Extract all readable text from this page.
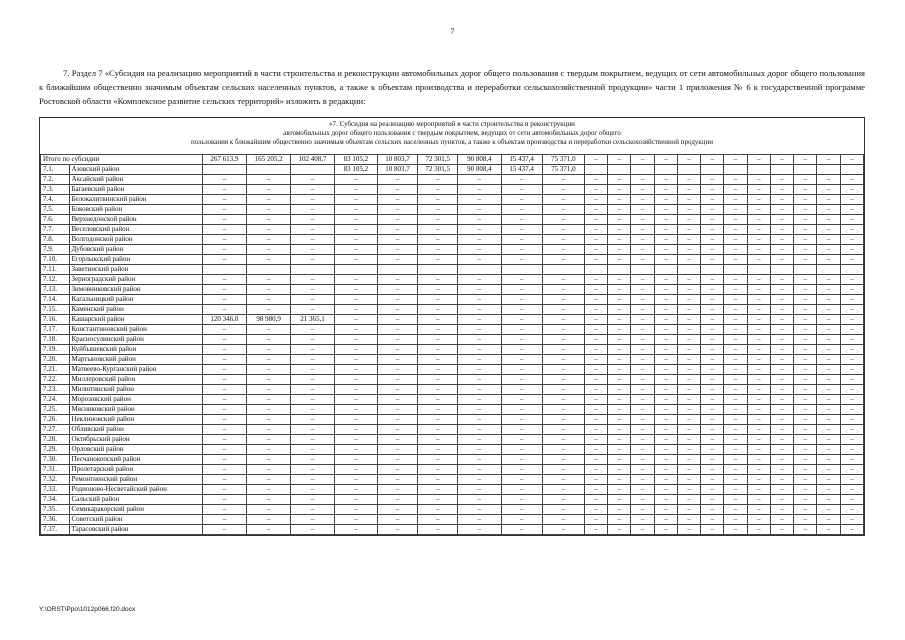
7
7. Раздел 7 «Субсидия на реализацию мероприятий в части строительства и реконструкции автомобильных дорог общего пользования с твердым покрытием, ведущих от сети автомобильных дорог общего пользования к ближайшим общественно значимым объектам сельских населенных пунктов, а также к объектам производства и переработки сельскохозяйственной продукции» части 1 приложения № 6 к государственной программе Ростовской области «Комплексное развитие сельских территорий» изложить в редакции:
«7. Субсидия на реализацию мероприятий в части строительства и реконструкции
автомобильных дорог общего пользования с твердым покрытием, ведущих от сети автомобильных дорог общего
пользования к ближайшим общественно значимым объектам сельских населенных пунктов, а также к объектам производства и переработки сельскохозяйственной продукции
Итого по субсидии		267 613,9	165 205,2	102 408,7	83 105,2	10 803,7	72 301,5	90 808,4	15 437,4	75 371,0	–	–	–	–	–	–	–	–	–	–	–	–
7.1.	Азовский район				83 105,2	10 803,7	72 301,5	90 808,4	15 437,4	75 371,0												
7.2.	Аксайский район	–	–	–	–	–	–	–	–	–	–	–	–	–	–	–	–	–	–	–	–	–
7.3.	Багаевский район	–	–	–	–	–	–	–	–	–	–	–	–	–	–	–	–	–	–	–	–	–
7.4.	Белокалитвинский район	–	–	–	–	–	–	–	–	–	–	–	–	–	–	–	–	–	–	–	–	–
7.5.	Боковский район	–	–	–	–	–	–	–	–	–	–	–	–	–	–	–	–	–	–	–	–	–
7.6.	Верхнедонской район	–	–	–	–	–	–	–	–	–	–	–	–	–	–	–	–	–	–	–	–	–
7.7.	Веселовский район	–	–	–	–	–	–	–	–	–	–	–	–	–	–	–	–	–	–	–	–	–
7.8.	Волгодонской район	–	–	–	–	–	–	–	–	–	–	–	–	–	–	–	–	–	–	–	–	–
7.9.	Дубовский район	–	–	–	–	–	–	–	–	–	–	–	–	–	–	–	–	–	–	–	–	–
7.10.	Егорлыкский район	–	–	–	–	–	–	–	–	–	–	–	–	–	–	–	–	–	–	–	–	–
7.11.	Заветинский район																					
7.12.	Зерноградский район	–	–	–	–	–	–	–	–	–	–	–	–	–	–	–	–	–	–	–	–	–
7.13.	Зимовниковский район	–	–	–	–	–	–	–	–	–	–	–	–	–	–	–	–	–	–	–	–	–
7.14.	Кагальницкий район	–	–	–	–	–	–	–	–	–	–	–	–	–	–	–	–	–	–	–	–	–
7.15.	Каменский район	–	–	–	–	–	–	–	–	–	–	–	–	–	–	–	–	–	–	–	–	–
7.16.	Кашарский район	120 346,0	98 980,9	21 365,1	–	–	–	–	–	–	–	–	–	–	–	–	–	–	–	–	–	–
7.17.	Константиновский район	–	–	–	–	–	–	–	–	–	–	–	–	–	–	–	–	–	–	–	–	–
7.18.	Красносулинский район	–	–	–	–	–	–	–	–	–	–	–	–	–	–	–	–	–	–	–	–	–
7.19.	Куйбышевский район	–	–	–	–	–	–	–	–	–	–	–	–	–	–	–	–	–	–	–	–	–
7.20.	Мартыновский район	–	–	–	–	–	–	–	–	–	–	–	–	–	–	–	–	–	–	–	–	–
7.21.	Матвеево-Курганский район	–	–	–	–	–	–	–	–	–	–	–	–	–	–	–	–	–	–	–	–	–
7.22.	Миллеровский район	–	–	–	–	–	–	–	–	–	–	–	–	–	–	–	–	–	–	–	–	–
7.23.	Милютинский район	–	–	–	–	–	–	–	–	–	–	–	–	–	–	–	–	–	–	–	–	–
7.24.	Морозовский район	–	–	–	–	–	–	–	–	–	–	–	–	–	–	–	–	–	–	–	–	–
7.25.	Мясниковский район	–	–	–	–	–	–	–	–	–	–	–	–	–	–	–	–	–	–	–	–	–
7.26.	Неклиновский район	–	–	–	–	–	–	–	–	–	–	–	–	–	–	–	–	–	–	–	–	–
7.27.	Обливский район	–	–	–	–	–	–	–	–	–	–	–	–	–	–	–	–	–	–	–	–	–
7.28.	Октябрьский район	–	–	–	–	–	–	–	–	–	–	–	–	–	–	–	–	–	–	–	–	–
7.29.	Орловский район	–	–	–	–	–	–	–	–	–	–	–	–	–	–	–	–	–	–	–	–	–
7.30.	Песчанокопский район	–	–	–	–	–	–	–	–	–	–	–	–	–	–	–	–	–	–	–	–	–
7.31.	Пролетарский район	–	–	–	–	–	–	–	–	–	–	–	–	–	–	–	–	–	–	–	–	–
7.32.	Ремонтненский район	–	–	–	–	–	–	–	–	–	–	–	–	–	–	–	–	–	–	–	–	–
7.33.	Родионово-Несветайский район	–	–	–	–	–	–	–	–	–	–	–	–	–	–	–	–	–	–	–	–	–
7.34.	Сальский район	–	–	–	–	–	–	–	–	–	–	–	–	–	–	–	–	–	–	–	–	–
7.35.	Семикаракорский район	–	–	–	–	–	–	–	–	–	–	–	–	–	–	–	–	–	–	–	–	–
7.36.	Советский район	–	–	–	–	–	–	–	–	–	–	–	–	–	–	–	–	–	–	–	–	–
7.37.	Тарасовский район	–	–	–	–	–	–	–	–	–	–	–	–	–	–	–	–	–	–	–	–	–
Y:\ORST\Ppo\1012p066.f20.docx
